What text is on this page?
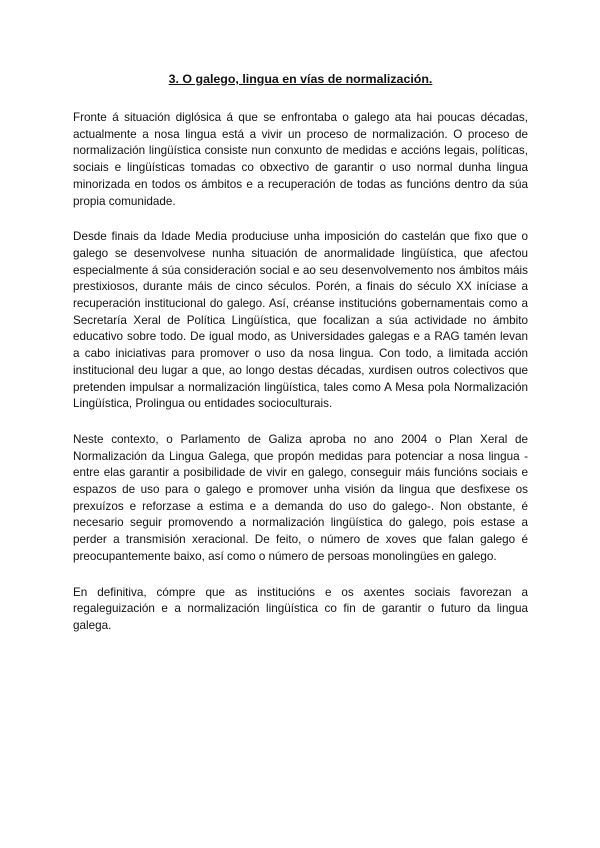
3. O galego, lingua en vías de normalización.

Fronte á situación diglósica á que se enfrontaba o galego ata hai poucas décadas, actualmente a nosa lingua está a vivir un proceso de normalización. O proceso de normalización lingüística consiste nun conxunto de medidas e accións legais, políticas, sociais e lingüísticas tomadas co obxectivo de garantir o uso normal dunha lingua minorizada en todos os ámbitos e a recuperación de todas as funcións dentro da súa propia comunidade.

Desde finais da Idade Media produciuse unha imposición do castelán que fixo que o galego se desenvolvese nunha situación de anormalidade lingüística, que afectou especialmente á súa consideración social e ao seu desenvolvemento nos ámbitos máis prestixiosos, durante máis de cinco séculos. Porén, a finais do século XX iníciase a recuperación institucional do galego. Así, créanse institucións gobernamentais como a Secretaría Xeral de Política Lingüística, que focalizan a súa actividade no ámbito educativo sobre todo. De igual modo, as Universidades galegas e a RAG tamén levan a cabo iniciativas para promover o uso da nosa lingua. Con todo, a limitada acción institucional deu lugar a que, ao longo destas décadas, xurdisen outros colectivos que pretenden impulsar a normalización lingüística, tales como A Mesa pola Normalización Lingüística, Prolingua ou entidades socioculturais.

Neste contexto, o Parlamento de Galiza aproba no ano 2004 o Plan Xeral de Normalización da Lingua Galega, que propón medidas para potenciar a nosa lingua -entre elas garantir a posibilidade de vivir en galego, conseguir máis funcións sociais e espazos de uso para o galego e promover unha visión da lingua que desfixese os prexuízos e reforzase a estima e a demanda do uso do galego-. Non obstante, é necesario seguir promovendo a normalización lingüística do galego, pois estase a perder a transmisión xeracional. De feito, o número de xoves que falan galego é preocupantemente baixo, así como o número de persoas monolingües en galego.

En definitiva, cómpre que as institucións e os axentes sociais favorezan a regaleguización e a normalización lingüística co fin de garantir o futuro da lingua galega.
